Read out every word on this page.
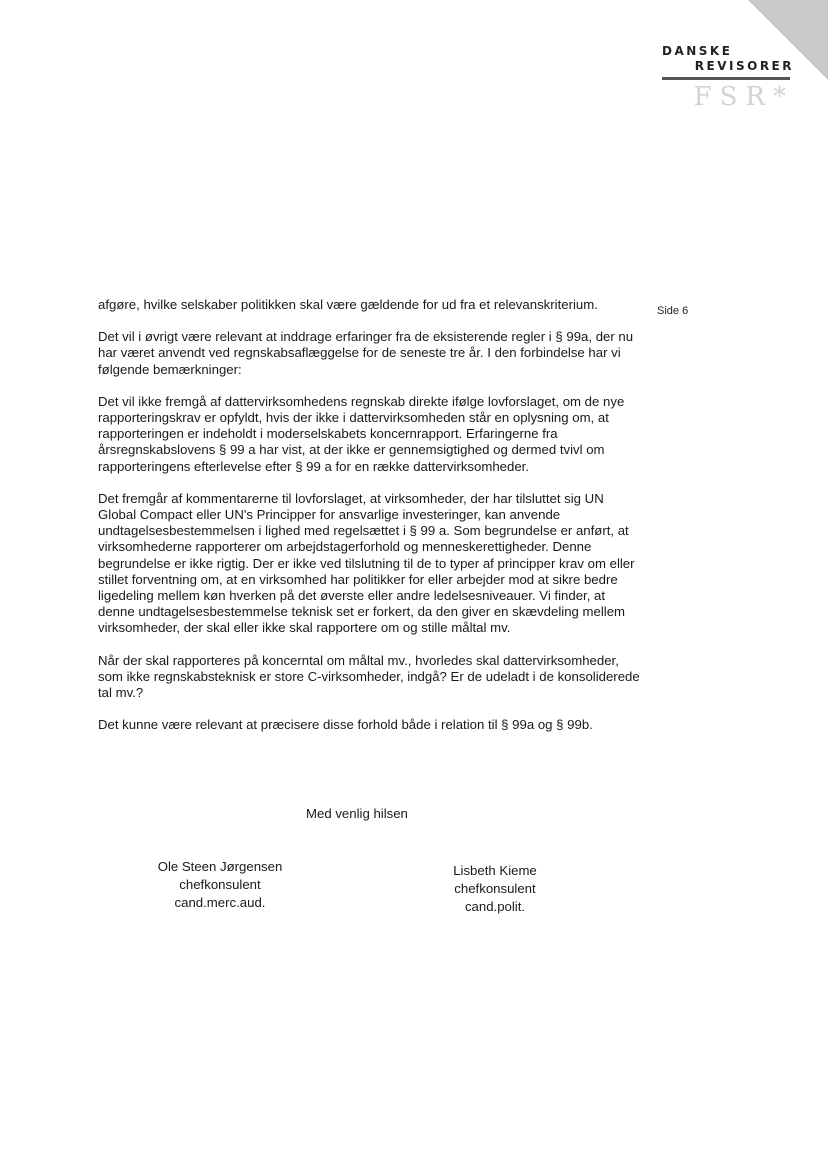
DANSKE
REVISORER
FSR*
Side 6

afgøre, hvilke selskaber politikken skal være gældende for ud fra et relevanskriterium.

Det vil i øvrigt være relevant at inddrage erfaringer fra de eksisterende regler i § 99a, der nu har været anvendt ved regnskabsaflæggelse for de seneste tre år. I den forbindelse har vi følgende bemærkninger:

Det vil ikke fremgå af dattervirksomhedens regnskab direkte ifølge lovforslaget, om de nye rapporteringskrav er opfyldt, hvis der ikke i dattervirksomheden står en oplysning om, at rapporteringen er indeholdt i moderselskabets koncernrapport. Erfaringerne fra årsregnskabslovens § 99 a har vist, at der ikke er gennemsigtighed og dermed tvivl om rapporteringens efterlevelse efter § 99 a for en række dattervirksomheder.

Det fremgår af kommentarerne til lovforslaget, at virksomheder, der har tilsluttet sig UN Global Compact eller UN's Principper for ansvarlige investeringer, kan anvende undtagelsesbestemmelsen i lighed med regelsættet i § 99 a. Som begrundelse er anført, at virksomhederne rapporterer om arbejdstagerforhold og menneskerettigheder. Denne begrundelse er ikke rigtig. Der er ikke ved tilslutning til de to typer af principper krav om eller stillet forventning om, at en virksomhed har politikker for eller arbejder mod at sikre bedre ligedeling mellem køn hverken på det øverste eller andre ledelsesniveauer. Vi finder, at denne undtagelsesbestemmelse teknisk set er forkert, da den giver en skævdeling mellem virksomheder, der skal eller ikke skal rapportere om og stille måltal mv.

Når der skal rapporteres på koncerntal om måltal mv., hvorledes skal dattervirksomheder, som ikke regnskabsteknisk er store C-virksomheder, indgå? Er de udeladt i de konsoliderede tal mv.?

Det kunne være relevant at præcisere disse forhold både i relation til § 99a og § 99b.

Med venlig hilsen
Ole Steen Jørgensen
chefkonsulent
cand.merc.aud.
Lisbeth Kieme
chefkonsulent
cand.polit.
